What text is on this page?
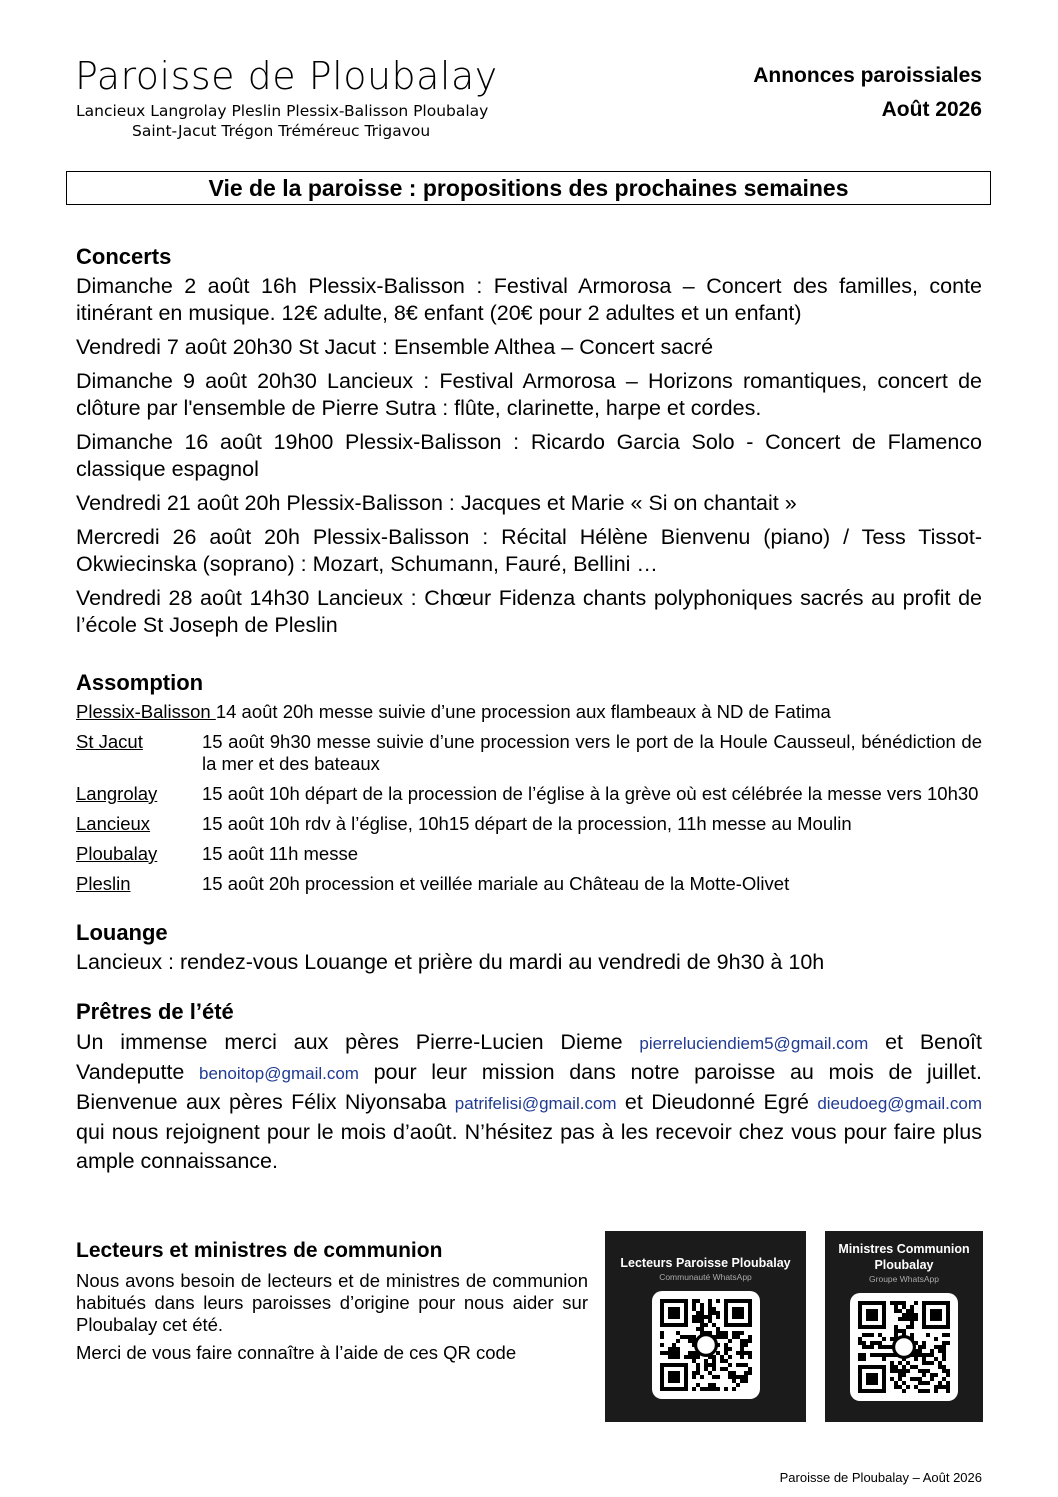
Paroisse de Ploubalay
Lancieux Langrolay Pleslin Plessix-Balisson Ploubalay
Saint-Jacut Trégon Tréméreuc Trigavou
Annonces paroissiales
Août 2026
Vie de la paroisse : propositions des prochaines semaines
Concerts

Dimanche 2 août 16h Plessix-Balisson : Festival Armorosa – Concert des familles, conte itinérant en musique. 12€ adulte, 8€ enfant (20€ pour 2 adultes et un enfant)

Vendredi 7 août 20h30 St Jacut : Ensemble Althea – Concert sacré

Dimanche 9 août 20h30 Lancieux : Festival Armorosa – Horizons romantiques, concert de clôture par l'ensemble de Pierre Sutra : flûte, clarinette, harpe et cordes.

Dimanche 16 août 19h00 Plessix-Balisson : Ricardo Garcia Solo - Concert de Flamenco classique espagnol

Vendredi 21 août 20h Plessix-Balisson : Jacques et Marie « Si on chantait »

Mercredi 26 août 20h Plessix-Balisson : Récital Hélène Bienvenu (piano) / Tess Tissot-Okwiecinska (soprano) : Mozart, Schumann, Fauré, Bellini …

Vendredi 28 août 14h30 Lancieux : Chœur Fidenza chants polyphoniques sacrés au profit de l’école St Joseph de Pleslin

Assomption
Plessix-Balisson 14 août 20h messe suivie d’une procession aux flambeaux à ND de Fatima
St Jacut	15 août 9h30 messe suivie d’une procession vers le port de la Houle Causseul, bénédiction de la mer et des bateaux
Langrolay	15 août 10h départ de la procession de l’église à la grève où est célébrée la messe vers 10h30
Lancieux	15 août 10h rdv à l’église, 10h15 départ de la procession, 11h messe au Moulin
Ploubalay	15 août 11h messe
Pleslin	15 août 20h procession et veillée mariale au Château de la Motte-Olivet
Louange

Lancieux : rendez-vous Louange et prière du mardi au vendredi de 9h30 à 10h

Prêtres de l’été

Un immense merci aux pères Pierre-Lucien Dieme pierreluciendiem5@gmail.com et Benoît Vandeputte benoitop@gmail.com pour leur mission dans notre paroisse au mois de juillet. Bienvenue aux pères Félix Niyonsaba patrifelisi@gmail.com et Dieudonné Egré dieudoeg@gmail.com qui nous rejoignent pour le mois d’août. N’hésitez pas à les recevoir chez vous pour faire plus ample connaissance.

Lecteurs et ministres de communion

Nous avons besoin de lecteurs et de ministres de communion habitués dans leurs paroisses d’origine pour nous aider sur Ploubalay cet été.

Merci de vous faire connaître à l’aide de ces QR code

Lecteurs Paroisse Ploubalay
Communauté WhatsApp
Ministres Communion Ploubalay
Groupe WhatsApp
Paroisse de Ploubalay – Août 2026
